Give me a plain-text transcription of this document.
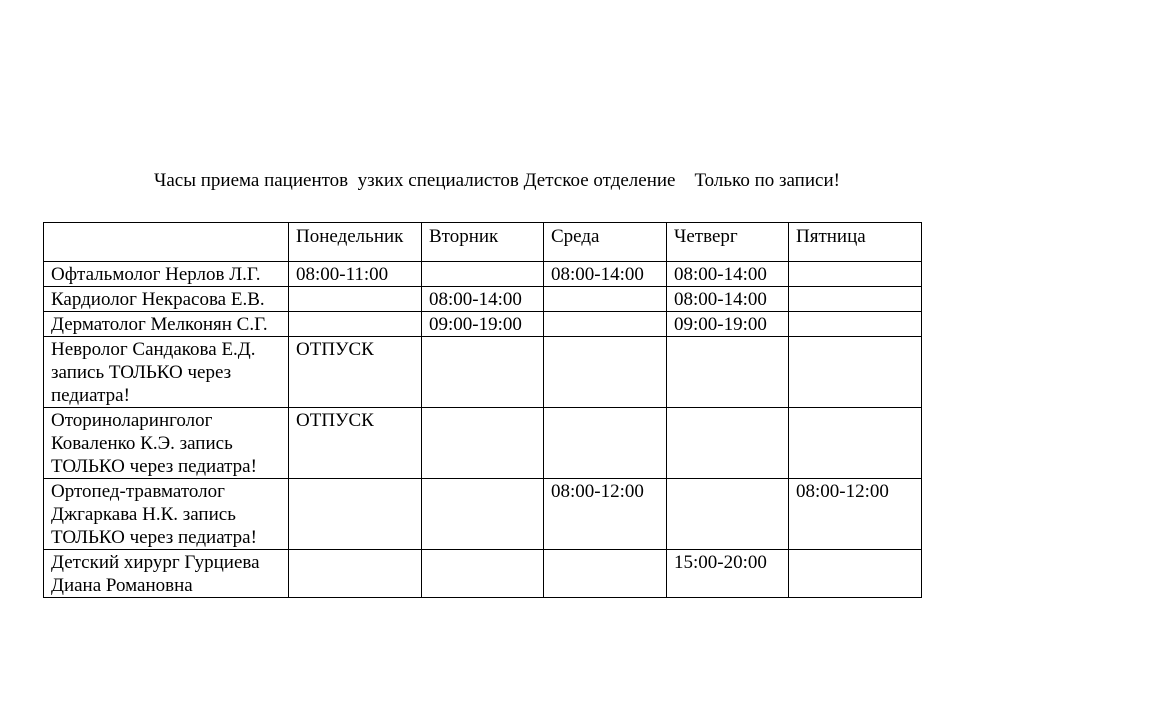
Часы приема пациентов  узких специалистов Детское отделение    Только по записи!
	Понедельник	Вторник	Среда	Четверг	Пятница
Офтальмолог Нерлов Л.Г.	08:00-11:00		08:00-14:00	08:00-14:00	
Кардиолог Некрасова Е.В.		08:00-14:00		08:00-14:00	
Дерматолог Мелконян С.Г.		09:00-19:00		09:00-19:00	
Невролог Сандакова Е.Д. запись ТОЛЬКО через педиатра!	ОТПУСК				
Оториноларинголог Коваленко К.Э. запись ТОЛЬКО через педиатра!	ОТПУСК				
Ортопед-травматолог Джгаркава Н.К. запись ТОЛЬКО через педиатра!			08:00-12:00		08:00-12:00
Детский хирург Гурциева Диана Романовна				15:00-20:00	
